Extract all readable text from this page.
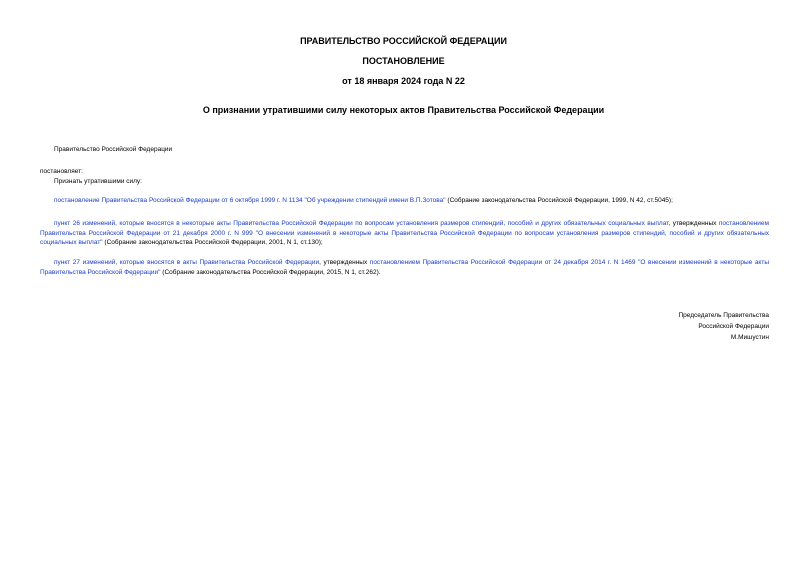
ПРАВИТЕЛЬСТВО РОССИЙСКОЙ ФЕДЕРАЦИИ
ПОСТАНОВЛЕНИЕ
от 18 января 2024 года N 22
О признании утратившими силу некоторых актов Правительства Российской Федерации
Правительство Российской Федерации
постановляет:
Признать утратившими силу:
постановление Правительства Российской Федерации от 6 октября 1999 г. N 1134 "Об учреждении стипендий имени В.П.Зотова" (Собрание законодательства Российской Федерации, 1999, N 42, ст.5045);
пункт 26 изменений, которые вносятся в некоторые акты Правительства Российской Федерации по вопросам установления размеров стипендий, пособий и других обязательных социальных выплат, утвержденных постановлением Правительства Российской Федерации от 21 декабря 2000 г. N 999 "О внесении изменений в некоторые акты Правительства Российской Федерации по вопросам установления размеров стипендий, пособий и других обязательных социальных выплат" (Собрание законодательства Российской Федерации, 2001, N 1, ст.130);
пункт 27 изменений, которые вносятся в акты Правительства Российской Федерации, утвержденных постановлением Правительства Российской Федерации от 24 декабря 2014 г. N 1469 "О внесении изменений в некоторые акты Правительства Российской Федерации" (Собрание законодательства Российской Федерации, 2015, N 1, ст.262).
Председатель Правительства
Российской Федерации
М.Мишустин
